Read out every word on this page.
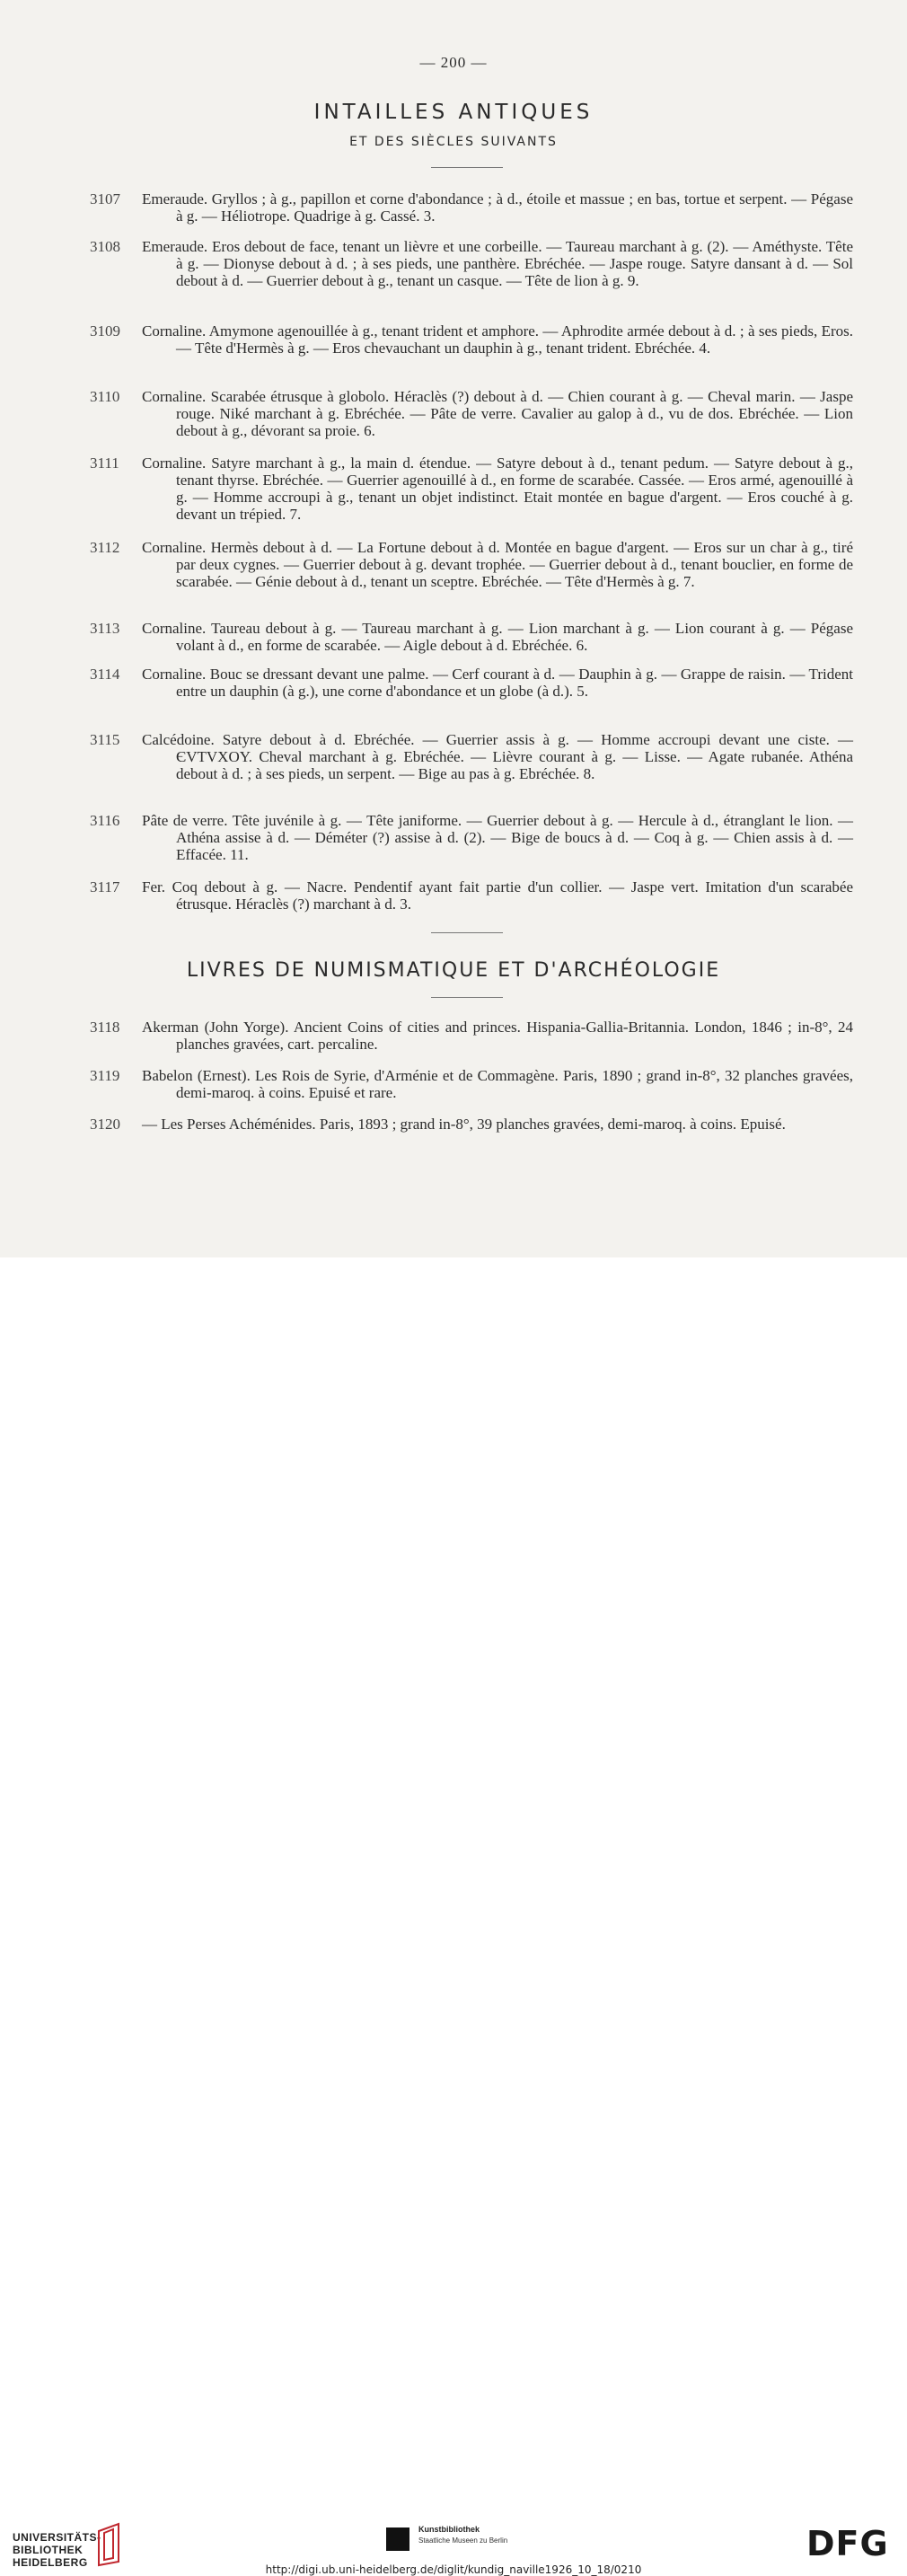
— 200 —
INTAILLES ANTIQUES
ET DES SIÈCLES SUIVANTS
3107	Emeraude. Gryllos ; à g., papillon et corne d'abondance ; à d., étoile et massue ; en bas, tortue et serpent. — Pégase à g. — Héliotrope. Quadrige à g. Cassé. 3.
3108	Emeraude. Eros debout de face, tenant un lièvre et une corbeille. — Taureau marchant à g. (2). — Améthyste. Tête à g. — Dionyse debout à d. ; à ses pieds, une panthère. Ebréchée. — Jaspe rouge. Satyre dansant à d. — Sol debout à d. — Guerrier debout à g., tenant un casque. — Tête de lion à g. 9.
3109	Cornaline. Amymone agenouillée à g., tenant trident et amphore. — Aphrodite armée debout à d. ; à ses pieds, Eros. — Tête d'Hermès à g. — Eros chevauchant un dauphin à g., tenant trident. Ebréchée. 4.
3110	Cornaline. Scarabée étrusque à globolo. Héraclès (?) debout à d. — Chien courant à g. — Cheval marin. — Jaspe rouge. Niké marchant à g. Ebréchée. — Pâte de verre. Cavalier au galop à d., vu de dos. Ebréchée. — Lion debout à g., dévorant sa proie. 6.
3111	Cornaline. Satyre marchant à g., la main d. étendue. — Satyre debout à d., tenant pedum. — Satyre debout à g., tenant thyrse. Ebréchée. — Guerrier agenouillé à d., en forme de scarabée. Cassée. — Eros armé, agenouillé à g. — Homme accroupi à g., tenant un objet indistinct. Etait montée en bague d'argent. — Eros couché à g. devant un trépied. 7.
3112	Cornaline. Hermès debout à d. — La Fortune debout à d. Montée en bague d'argent. — Eros sur un char à g., tiré par deux cygnes. — Guerrier debout à g. devant trophée. — Guerrier debout à d., tenant bouclier, en forme de scarabée. — Génie debout à d., tenant un sceptre. Ebréchée. — Tête d'Hermès à g. 7.
3113	Cornaline. Taureau debout à g. — Taureau marchant à g. — Lion marchant à g. — Lion courant à g. — Pégase volant à d., en forme de scarabée. — Aigle debout à d. Ebréchée. 6.
3114	Cornaline. Bouc se dressant devant une palme. — Cerf courant à d. — Dauphin à g. — Grappe de raisin. — Trident entre un dauphin (à g.), une corne d'abondance et un globe (à d.). 5.
3115	Calcédoine. Satyre debout à d. Ebréchée. — Guerrier assis à g. — Homme accroupi devant une ciste. — ЄVTVXOY. Cheval marchant à g. Ebréchée. — Lièvre courant à g. — Lisse. — Agate rubanée. Athéna debout à d. ; à ses pieds, un serpent. — Bige au pas à g. Ebréchée. 8.
3116	Pâte de verre. Tête juvénile à g. — Tête janiforme. — Guerrier debout à g. — Hercule à d., étranglant le lion. — Athéna assise à d. — Déméter (?) assise à d. (2). — Bige de boucs à d. — Coq à g. — Chien assis à d. — Effacée. 11.
3117	Fer. Coq debout à g. — Nacre. Pendentif ayant fait partie d'un collier. — Jaspe vert. Imitation d'un scarabée étrusque. Héraclès (?) marchant à d. 3.
LIVRES DE NUMISMATIQUE ET D'ARCHÉOLOGIE
3118	Akerman (John Yorge). Ancient Coins of cities and princes. Hispania-Gallia-Britannia. London, 1846 ; in-8°, 24 planches gravées, cart. percaline.
3119	Babelon (Ernest). Les Rois de Syrie, d'Arménie et de Commagène. Paris, 1890 ; grand in-8°, 32 planches gravées, demi-maroq. à coins. Epuisé et rare.
3120	— Les Perses Achéménides. Paris, 1893 ; grand in-8°, 39 planches gravées, demi-maroq. à coins. Epuisé.
UNIVERSITÄTS-
BIBLIOTHEK
HEIDELBERG
Kunstbibliothek
Staatliche Museen zu Berlin	DFG
http://digi.ub.uni-heidelberg.de/diglit/kundig_naville1926_10_18/0210
